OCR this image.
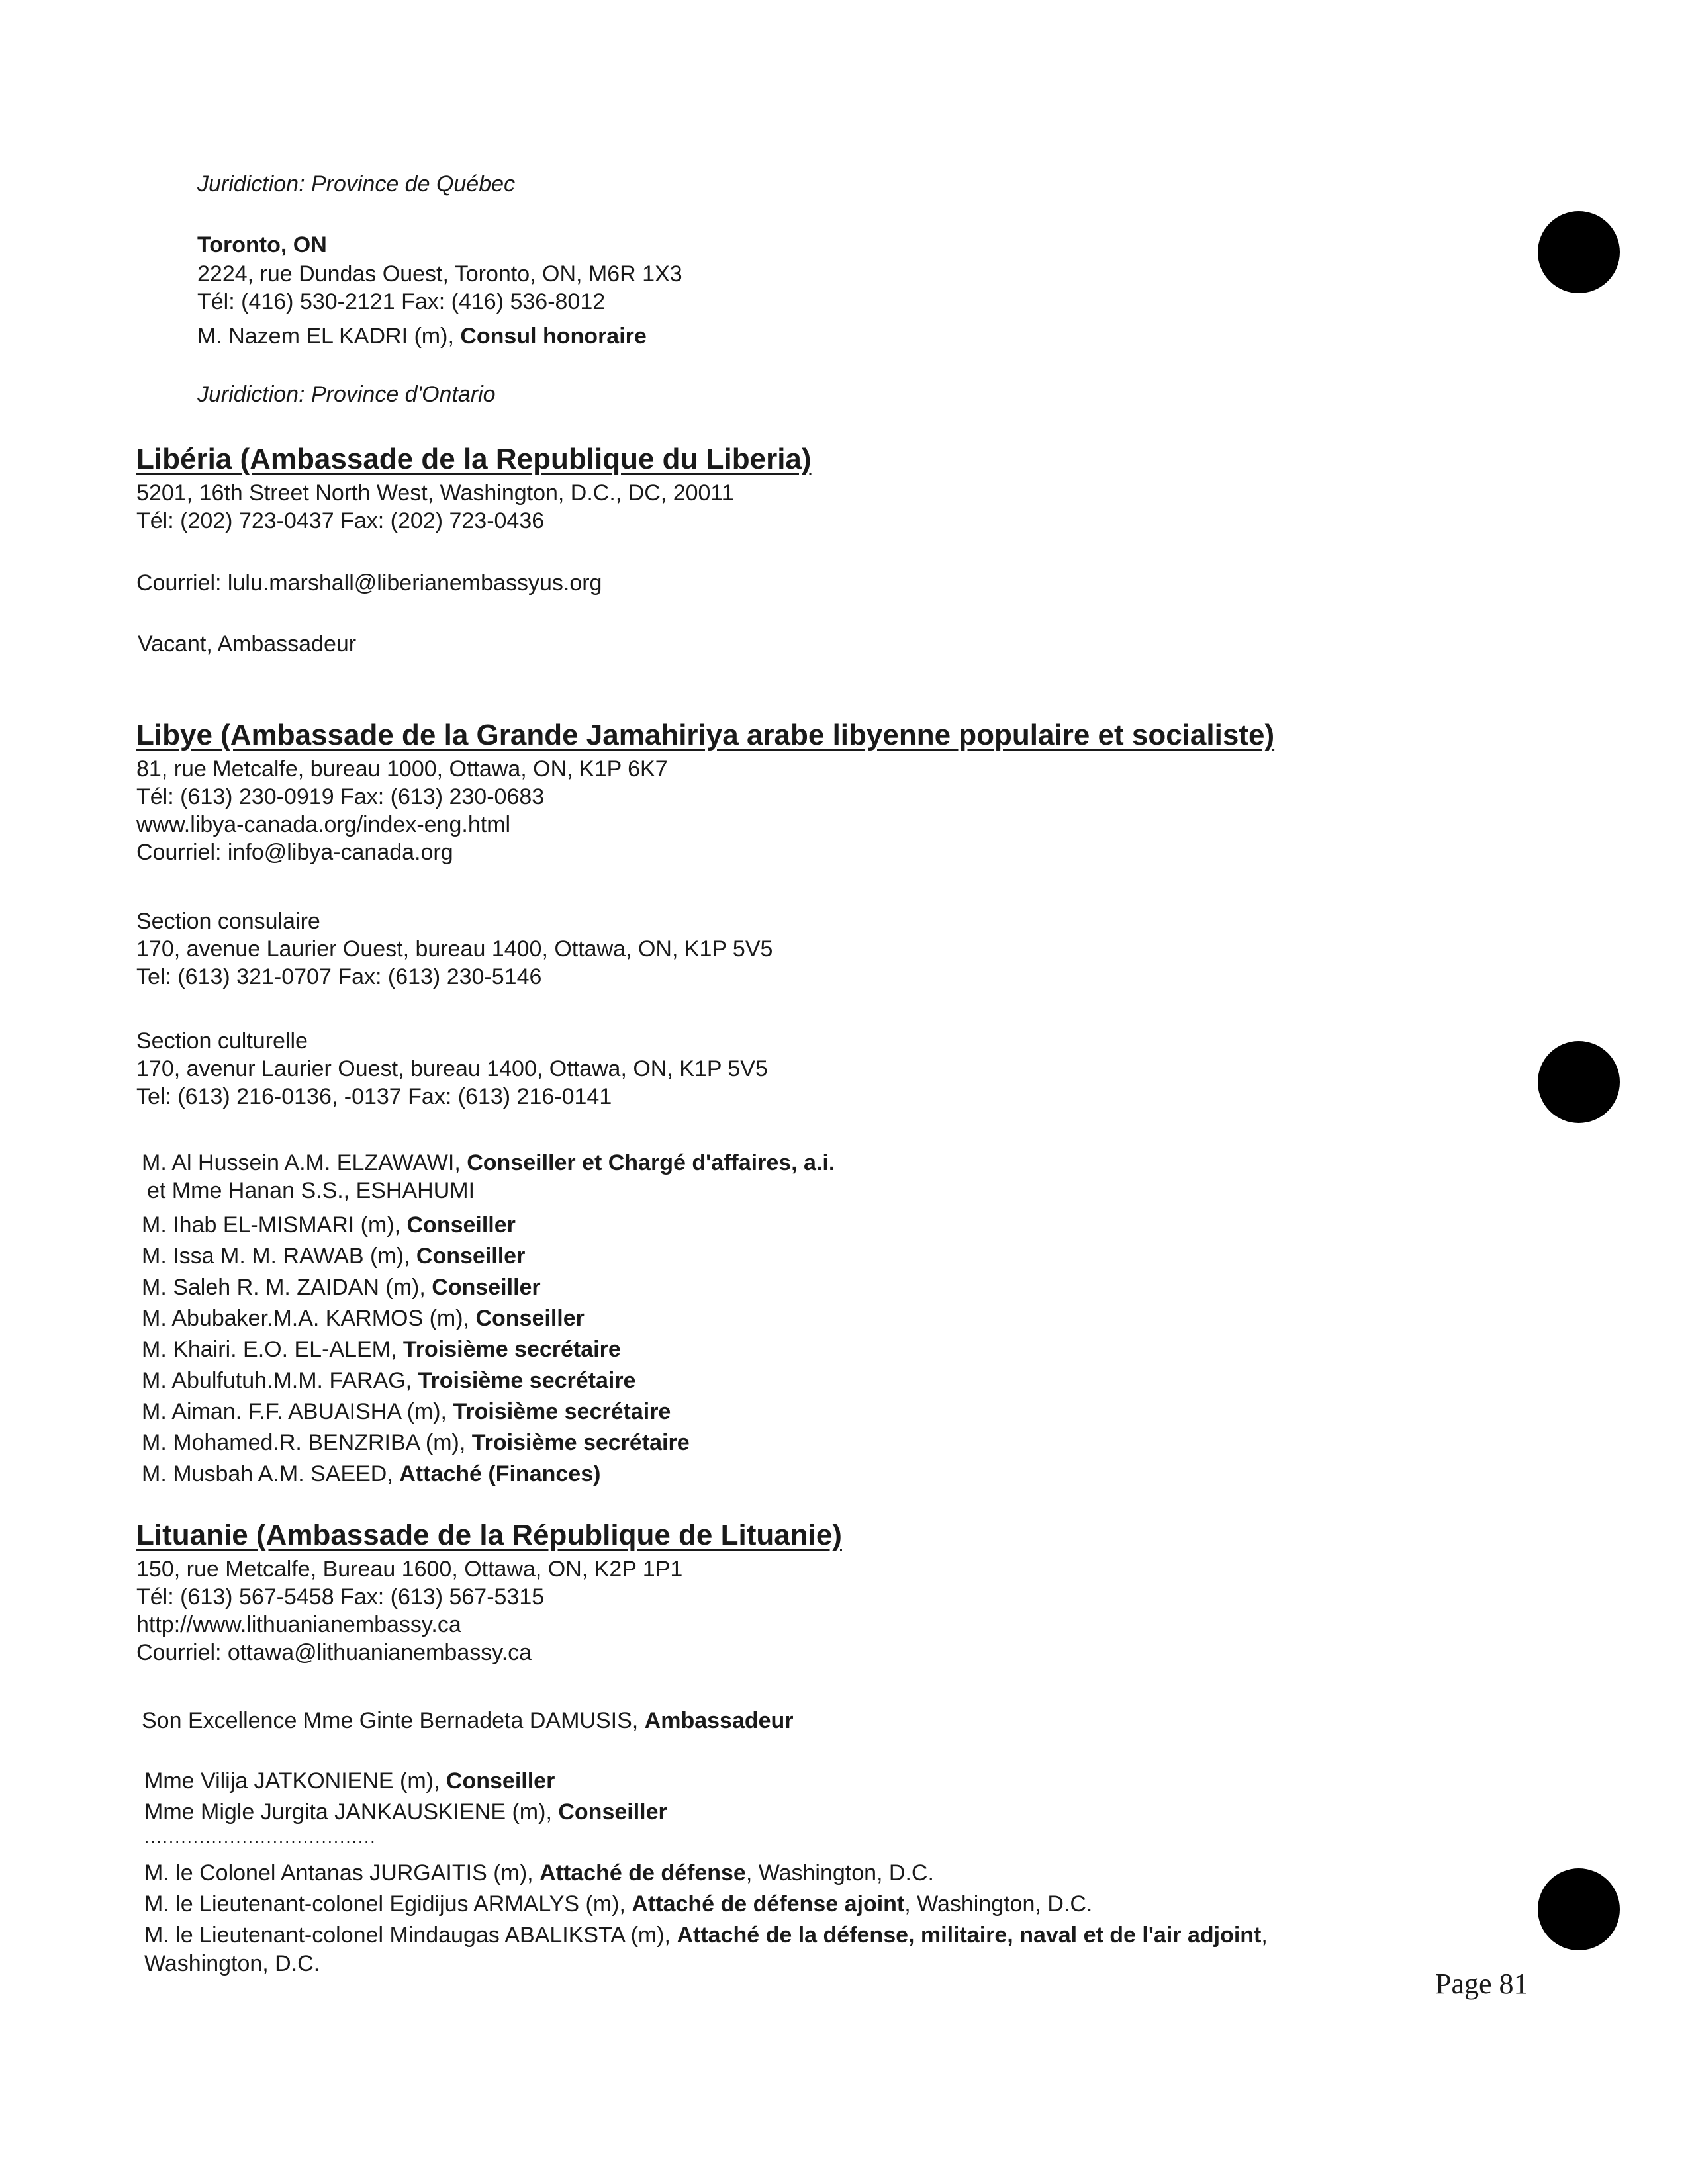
Juridiction: Province de Québec
Toronto, ON
2224, rue Dundas Ouest, Toronto, ON, M6R 1X3
Tél: (416) 530-2121 Fax: (416) 536-8012
M. Nazem EL KADRI (m), Consul honoraire
Juridiction: Province d'Ontario
Libéria (Ambassade de la Republique du Liberia)
5201, 16th Street North West, Washington, D.C., DC, 20011
Tél: (202) 723-0437 Fax: (202) 723-0436
Courriel: lulu.marshall@liberianembassyus.org
Vacant, Ambassadeur
Libye (Ambassade de la Grande Jamahiriya arabe libyenne populaire et socialiste)
81, rue Metcalfe, bureau 1000, Ottawa, ON, K1P 6K7
Tél: (613) 230-0919 Fax: (613) 230-0683
www.libya-canada.org/index-eng.html
Courriel: info@libya-canada.org
Section consulaire
170, avenue Laurier Ouest, bureau 1400, Ottawa, ON, K1P 5V5
Tel: (613) 321-0707 Fax: (613) 230-5146
Section culturelle
170, avenur Laurier Ouest, bureau 1400, Ottawa, ON, K1P 5V5
Tel: (613) 216-0136, -0137 Fax: (613) 216-0141
M. Al Hussein A.M. ELZAWAWI, Conseiller et Chargé d'affaires, a.i.
et Mme Hanan S.S., ESHAHUMI
M. Ihab EL-MISMARI (m), Conseiller
M. Issa M. M. RAWAB (m), Conseiller
M. Saleh R. M. ZAIDAN (m), Conseiller
M. Abubaker.M.A. KARMOS (m), Conseiller
M. Khairi. E.O. EL-ALEM, Troisième secrétaire
M. Abulfutuh.M.M. FARAG, Troisième secrétaire
M. Aiman. F.F. ABUAISHA (m), Troisième secrétaire
M. Mohamed.R. BENZRIBA (m), Troisième secrétaire
M. Musbah A.M. SAEED, Attaché (Finances)
Lituanie (Ambassade de la République de Lituanie)
150, rue Metcalfe, Bureau 1600, Ottawa, ON, K2P 1P1
Tél: (613) 567-5458 Fax: (613) 567-5315
http://www.lithuanianembassy.ca
Courriel: ottawa@lithuanianembassy.ca
Son Excellence Mme Ginte Bernadeta DAMUSIS, Ambassadeur
Mme Vilija JATKONIENE (m), Conseiller
Mme Migle Jurgita JANKAUSKIENE (m), Conseiller
......................................
M. le Colonel Antanas JURGAITIS (m), Attaché de défense, Washington, D.C.
M. le Lieutenant-colonel Egidijus ARMALYS (m), Attaché de défense ajoint, Washington, D.C.
M. le Lieutenant-colonel Mindaugas ABALIKSTA (m), Attaché de la défense, militaire, naval et de l'air adjoint,
Washington, D.C.
Page 81
